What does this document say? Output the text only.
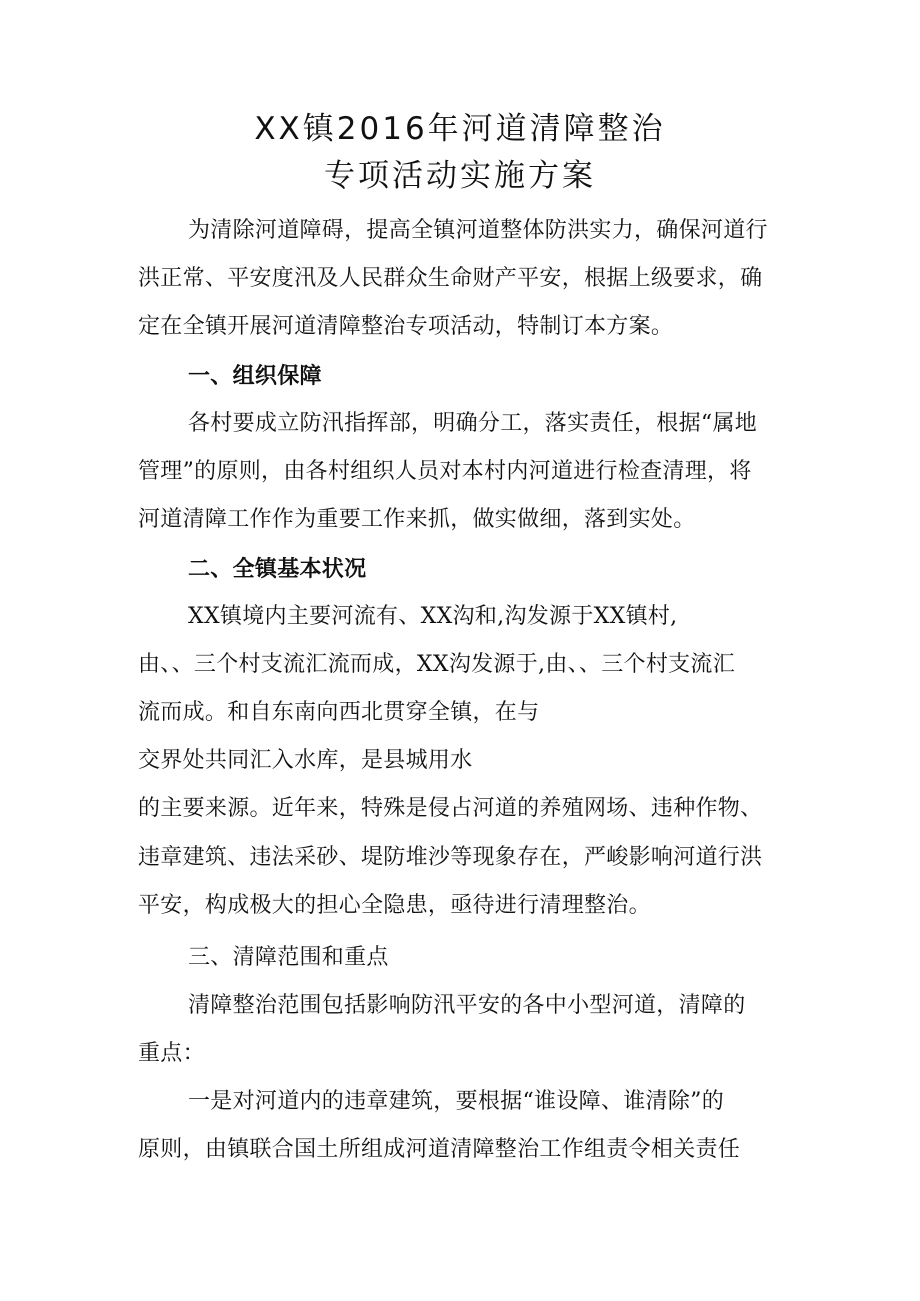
XX镇2016年河道清障整治
专项活动实施方案

为清除河道障碍，提高全镇河道整体防洪实力，确保河道行

洪正常、平安度汛及人民群众生命财产平安，根据上级要求，确

定在全镇开展河道清障整治专项活动，特制订本方案。

一、组织保障

各村要成立防汛指挥部，明确分工，落实责任，根据“属地

管理”的原则，由各村组织人员对本村内河道进行检查清理，将

河道清障工作作为重要工作来抓，做实做细，落到实处。

二、全镇基本状况

XX镇境内主要河流有、XX沟和,沟发源于XX镇村,

由、、三个村支流汇流而成，XX沟发源于,由、、三个村支流汇

流而成。和自东南向西北贯穿全镇，在与

交界处共同汇入水库，是县城用水

的主要来源。近年来，特殊是侵占河道的养殖网场、违种作物、

违章建筑、违法采砂、堤防堆沙等现象存在，严峻影响河道行洪

平安，构成极大的担心全隐患，亟待进行清理整治。

三、清障范围和重点

清障整治范围包括影响防汛平安的各中小型河道，清障的

重点：

一是对河道内的违章建筑，要根据“谁设障、谁清除”的

原则，由镇联合国土所组成河道清障整治工作组责令相关责任
